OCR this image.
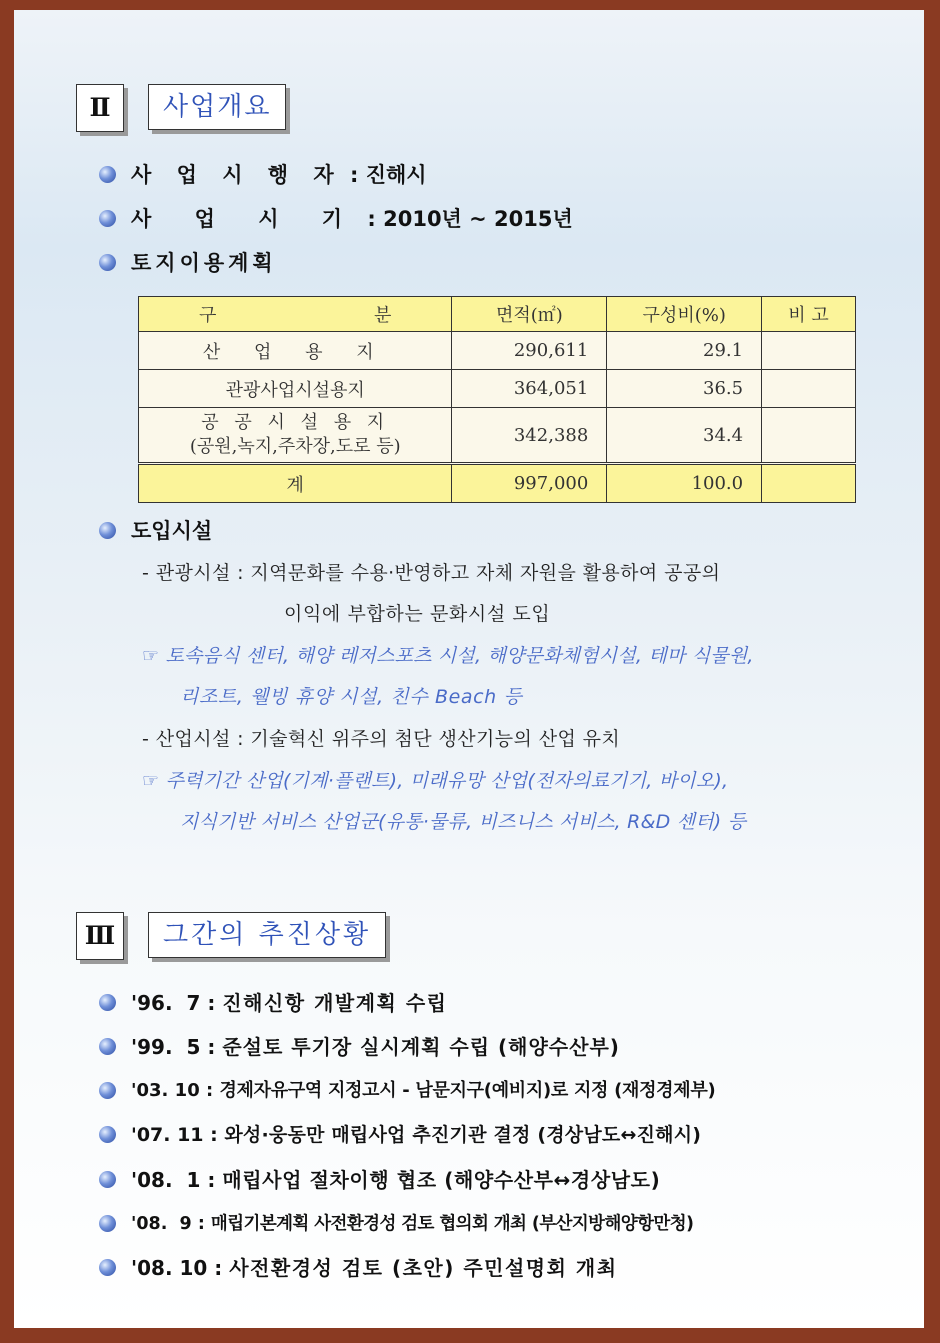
Ⅱ	사업개요
사 업 시 행 자 : 진해시
사 업 시 기 : 2010년 ~ 2015년
토지이용계획
구 분	면적(㎡)	구성비(%)	비 고
산 업 용 지	290,611	29.1	
관광사업시설용지	364,051	36.5	

공 공 시 설 용 지
(공원,녹지,주차장,도로 등)	342,388	34.4	
계	997,000	100.0	
도입시설
- 관광시설 : 지역문화를 수용·반영하고 자체 자원을 활용하여 공공의
이익에 부합하는 문화시설 도입
☞ 토속음식 센터, 해양 레저스포츠 시설, 해양문화체험시설, 테마 식물원,
리조트, 웰빙 휴양 시설, 친수 Beach 등
- 산업시설 : 기술혁신 위주의 첨단 생산기능의 산업 유치
☞ 주력기간 산업(기계·플랜트), 미래유망 산업(전자의료기기, 바이오),
지식기반 서비스 산업군(유통·물류, 비즈니스 서비스, R&D 센터) 등
Ⅲ	그간의 추진상황
'96.  7 : 진해신항 개발계획 수립
'99.  5 : 준설토 투기장 실시계획 수립 (해양수산부)
'03. 10 : 경제자유구역 지정고시 - 남문지구(예비지)로 지정 (재정경제부)
'07. 11 : 와성·웅동만 매립사업 추진기관 결정 (경상남도↔진해시)
'08.  1 : 매립사업 절차이행 협조 (해양수산부↔경상남도)
'08.  9 : 매립기본계획 사전환경성 검토 협의회 개최 (부산지방해양항만청)
'08. 10 : 사전환경성 검토 (초안) 주민설명회 개최
